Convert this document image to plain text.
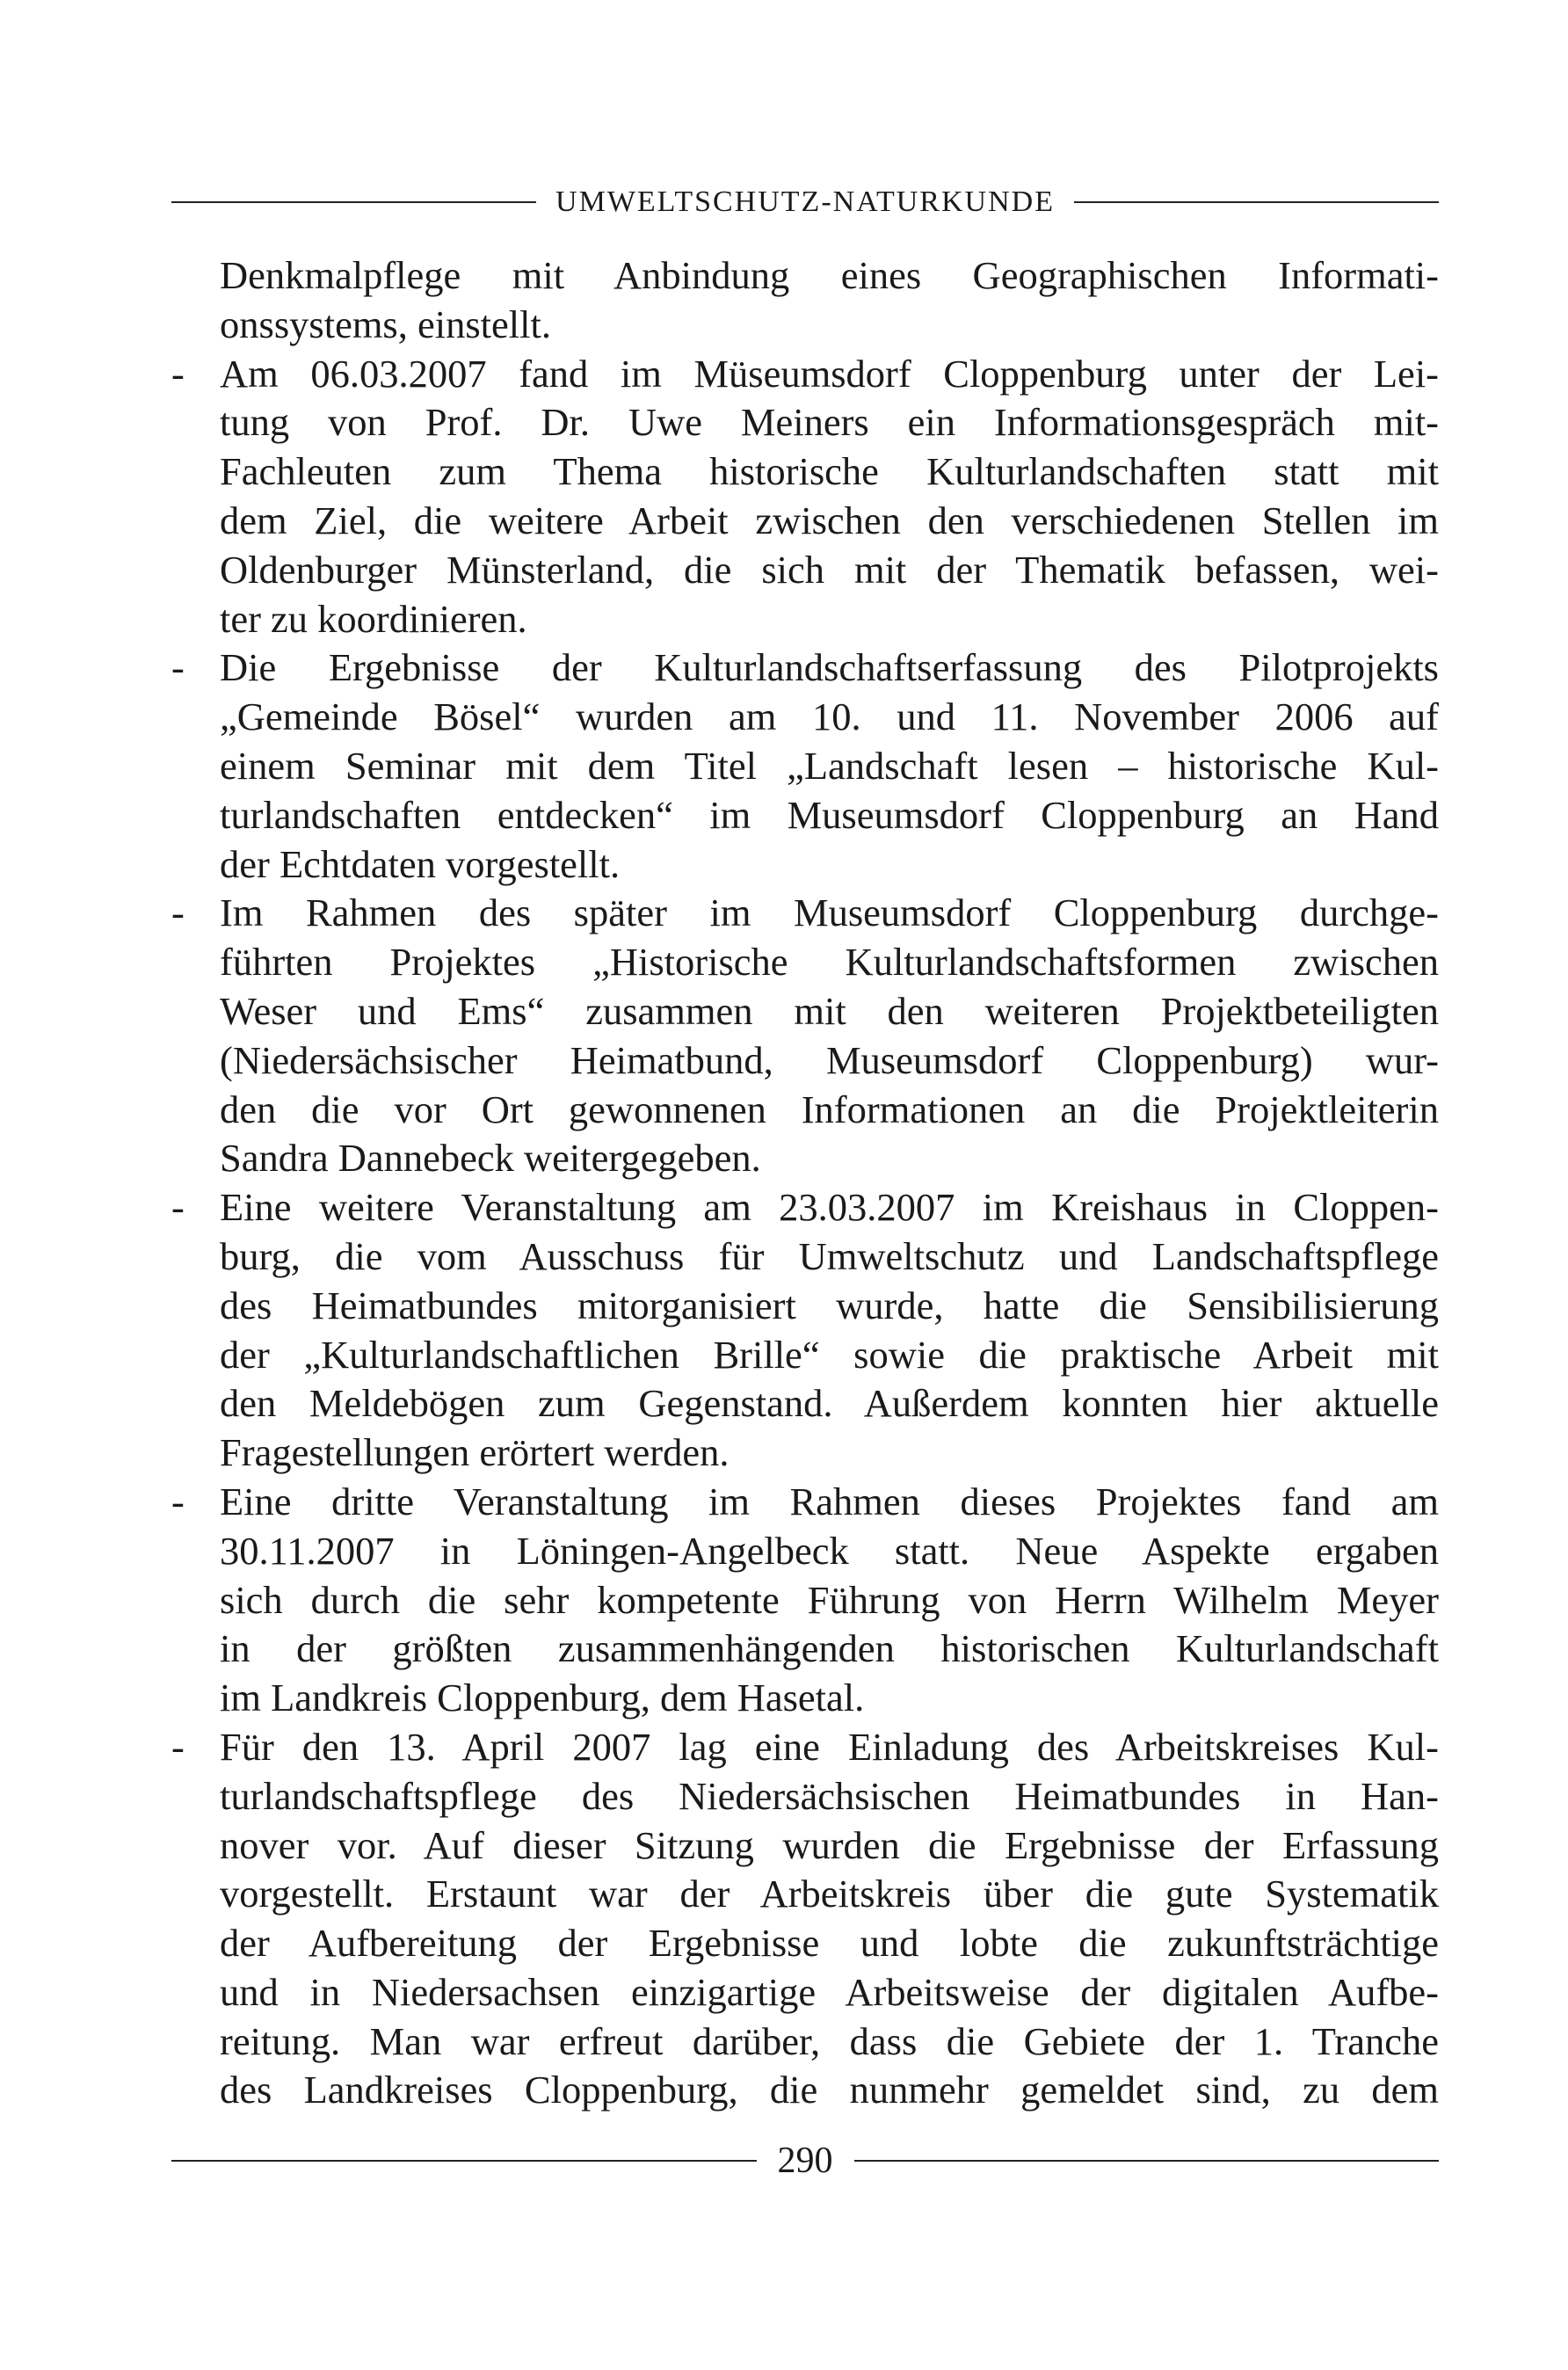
UMWELTSCHUTZ-NATURKUNDE
Denkmalpflege mit Anbindung eines Geographischen Informati-
onssystems, einstellt.
- Am 06.03.2007 fand im Müseumsdorf Cloppenburg unter der Lei-
tung von Prof. Dr. Uwe Meiners ein Informationsgespräch mit-
Fachleuten zum Thema historische Kulturlandschaften statt mit
dem Ziel, die weitere Arbeit zwischen den verschiedenen Stellen im
Oldenburger Münsterland, die sich mit der Thematik befassen, wei-
ter zu koordinieren.
- Die Ergebnisse der Kulturlandschaftserfassung des Pilotprojekts
„Gemeinde Bösel“ wurden am 10. und 11. November 2006 auf
einem Seminar mit dem Titel „Landschaft lesen – historische Kul-
turlandschaften entdecken“ im Museumsdorf Cloppenburg an Hand
der Echtdaten vorgestellt.
- Im Rahmen des später im Museumsdorf Cloppenburg durchge-
führten Projektes „Historische Kulturlandschaftsformen zwischen
Weser und Ems“ zusammen mit den weiteren Projektbeteiligten
(Niedersächsischer Heimatbund, Museumsdorf Cloppenburg) wur-
den die vor Ort gewonnenen Informationen an die Projektleiterin
Sandra Dannebeck weitergegeben.
- Eine weitere Veranstaltung am 23.03.2007 im Kreishaus in Cloppen-
burg, die vom Ausschuss für Umweltschutz und Landschaftspflege
des Heimatbundes mitorganisiert wurde, hatte die Sensibilisierung
der „Kulturlandschaftlichen Brille“ sowie die praktische Arbeit mit
den Meldebögen zum Gegenstand. Außerdem konnten hier aktuelle
Fragestellungen erörtert werden.
- Eine dritte Veranstaltung im Rahmen dieses Projektes fand am
30.11.2007 in Löningen-Angelbeck statt. Neue Aspekte ergaben
sich durch die sehr kompetente Führung von Herrn Wilhelm Meyer
in der größten zusammenhängenden historischen Kulturlandschaft
im Landkreis Cloppenburg, dem Hasetal.
- Für den 13. April 2007 lag eine Einladung des Arbeitskreises Kul-
turlandschaftspflege des Niedersächsischen Heimatbundes in Han-
nover vor. Auf dieser Sitzung wurden die Ergebnisse der Erfassung
vorgestellt. Erstaunt war der Arbeitskreis über die gute Systematik
der Aufbereitung der Ergebnisse und lobte die zukunftsträchtige
und in Niedersachsen einzigartige Arbeitsweise der digitalen Aufbe-
reitung. Man war erfreut darüber, dass die Gebiete der 1. Tranche
des Landkreises Cloppenburg, die nunmehr gemeldet sind, zu dem
290
